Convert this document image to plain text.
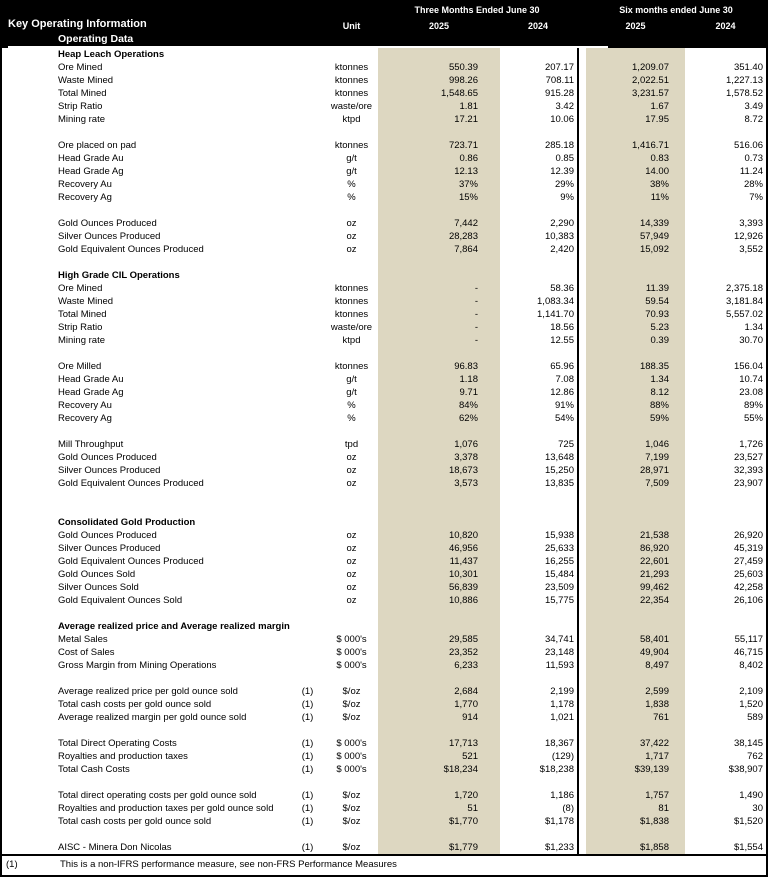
Three Months Ended June 30	Six months ended June 30
Key Operating Information	Unit	2025	2024	2025	2024
Operating Data
Heap Leach Operations
Ore Mined	ktonnes	550.39	207.17	1,209.07	351.40
Waste Mined	ktonnes	998.26	708.11	2,022.51	1,227.13
Total Mined	ktonnes	1,548.65	915.28	3,231.57	1,578.52
Strip Ratio	waste/ore	1.81	3.42	1.67	3.49
Mining rate	ktpd	17.21	10.06	17.95	8.72
Ore placed on pad	ktonnes	723.71	285.18	1,416.71	516.06
Head Grade Au	g/t	0.86	0.85	0.83	0.73
Head Grade Ag	g/t	12.13	12.39	14.00	11.24
Recovery Au	%	37%	29%	38%	28%
Recovery Ag	%	15%	9%	11%	7%
Gold Ounces Produced	oz	7,442	2,290	14,339	3,393
Silver Ounces Produced	oz	28,283	10,383	57,949	12,926
Gold Equivalent Ounces Produced	oz	7,864	2,420	15,092	3,552
High Grade CIL Operations
Ore Mined	ktonnes	-	58.36	11.39	2,375.18
Waste Mined	ktonnes	-	1,083.34	59.54	3,181.84
Total Mined	ktonnes	-	1,141.70	70.93	5,557.02
Strip Ratio	waste/ore	-	18.56	5.23	1.34
Mining rate	ktpd	-	12.55	0.39	30.70
Ore Milled	ktonnes	96.83	65.96	188.35	156.04
Head Grade Au	g/t	1.18	7.08	1.34	10.74
Head Grade Ag	g/t	9.71	12.86	8.12	23.08
Recovery Au	%	84%	91%	88%	89%
Recovery Ag	%	62%	54%	59%	55%
Mill Throughput	tpd	1,076	725	1,046	1,726
Gold Ounces Produced	oz	3,378	13,648	7,199	23,527
Silver Ounces Produced	oz	18,673	15,250	28,971	32,393
Gold Equivalent Ounces Produced	oz	3,573	13,835	7,509	23,907
Consolidated Gold Production
Gold Ounces Produced	oz	10,820	15,938	21,538	26,920
Silver Ounces Produced	oz	46,956	25,633	86,920	45,319
Gold Equivalent Ounces Produced	oz	11,437	16,255	22,601	27,459
Gold Ounces Sold	oz	10,301	15,484	21,293	25,603
Silver Ounces Sold	oz	56,839	23,509	99,462	42,258
Gold Equivalent Ounces Sold	oz	10,886	15,775	22,354	26,106
Average realized price and Average realized margin
Metal Sales	$ 000's	29,585	34,741	58,401	55,117
Cost of Sales	$ 000's	23,352	23,148	49,904	46,715
Gross Margin from Mining Operations	$ 000's	6,233	11,593	8,497	8,402
Average realized price per gold ounce sold	(1)	$/oz	2,684	2,199	2,599	2,109
Total cash costs per gold ounce sold	(1)	$/oz	1,770	1,178	1,838	1,520
Average realized margin per gold ounce sold	(1)	$/oz	914	1,021	761	589
Total Direct Operating Costs	(1)	$ 000's	17,713	18,367	37,422	38,145
Royalties and production taxes	(1)	$ 000's	521	(129)	1,717	762
Total Cash Costs	(1)	$ 000's	$18,234	$18,238	$39,139	$38,907
Total direct operating costs per gold ounce sold	(1)	$/oz	1,720	1,186	1,757	1,490
Royalties and production taxes per gold ounce sold	(1)	$/oz	51	(8)	81	30
Total cash costs per gold ounce sold	(1)	$/oz	$1,770	$1,178	$1,838	$1,520
AISC - Minera Don Nicolas	(1)	$/oz	$1,779	$1,233	$1,858	$1,554
(1)	This is a non-IFRS performance measure, see non-FRS Performance Measures
